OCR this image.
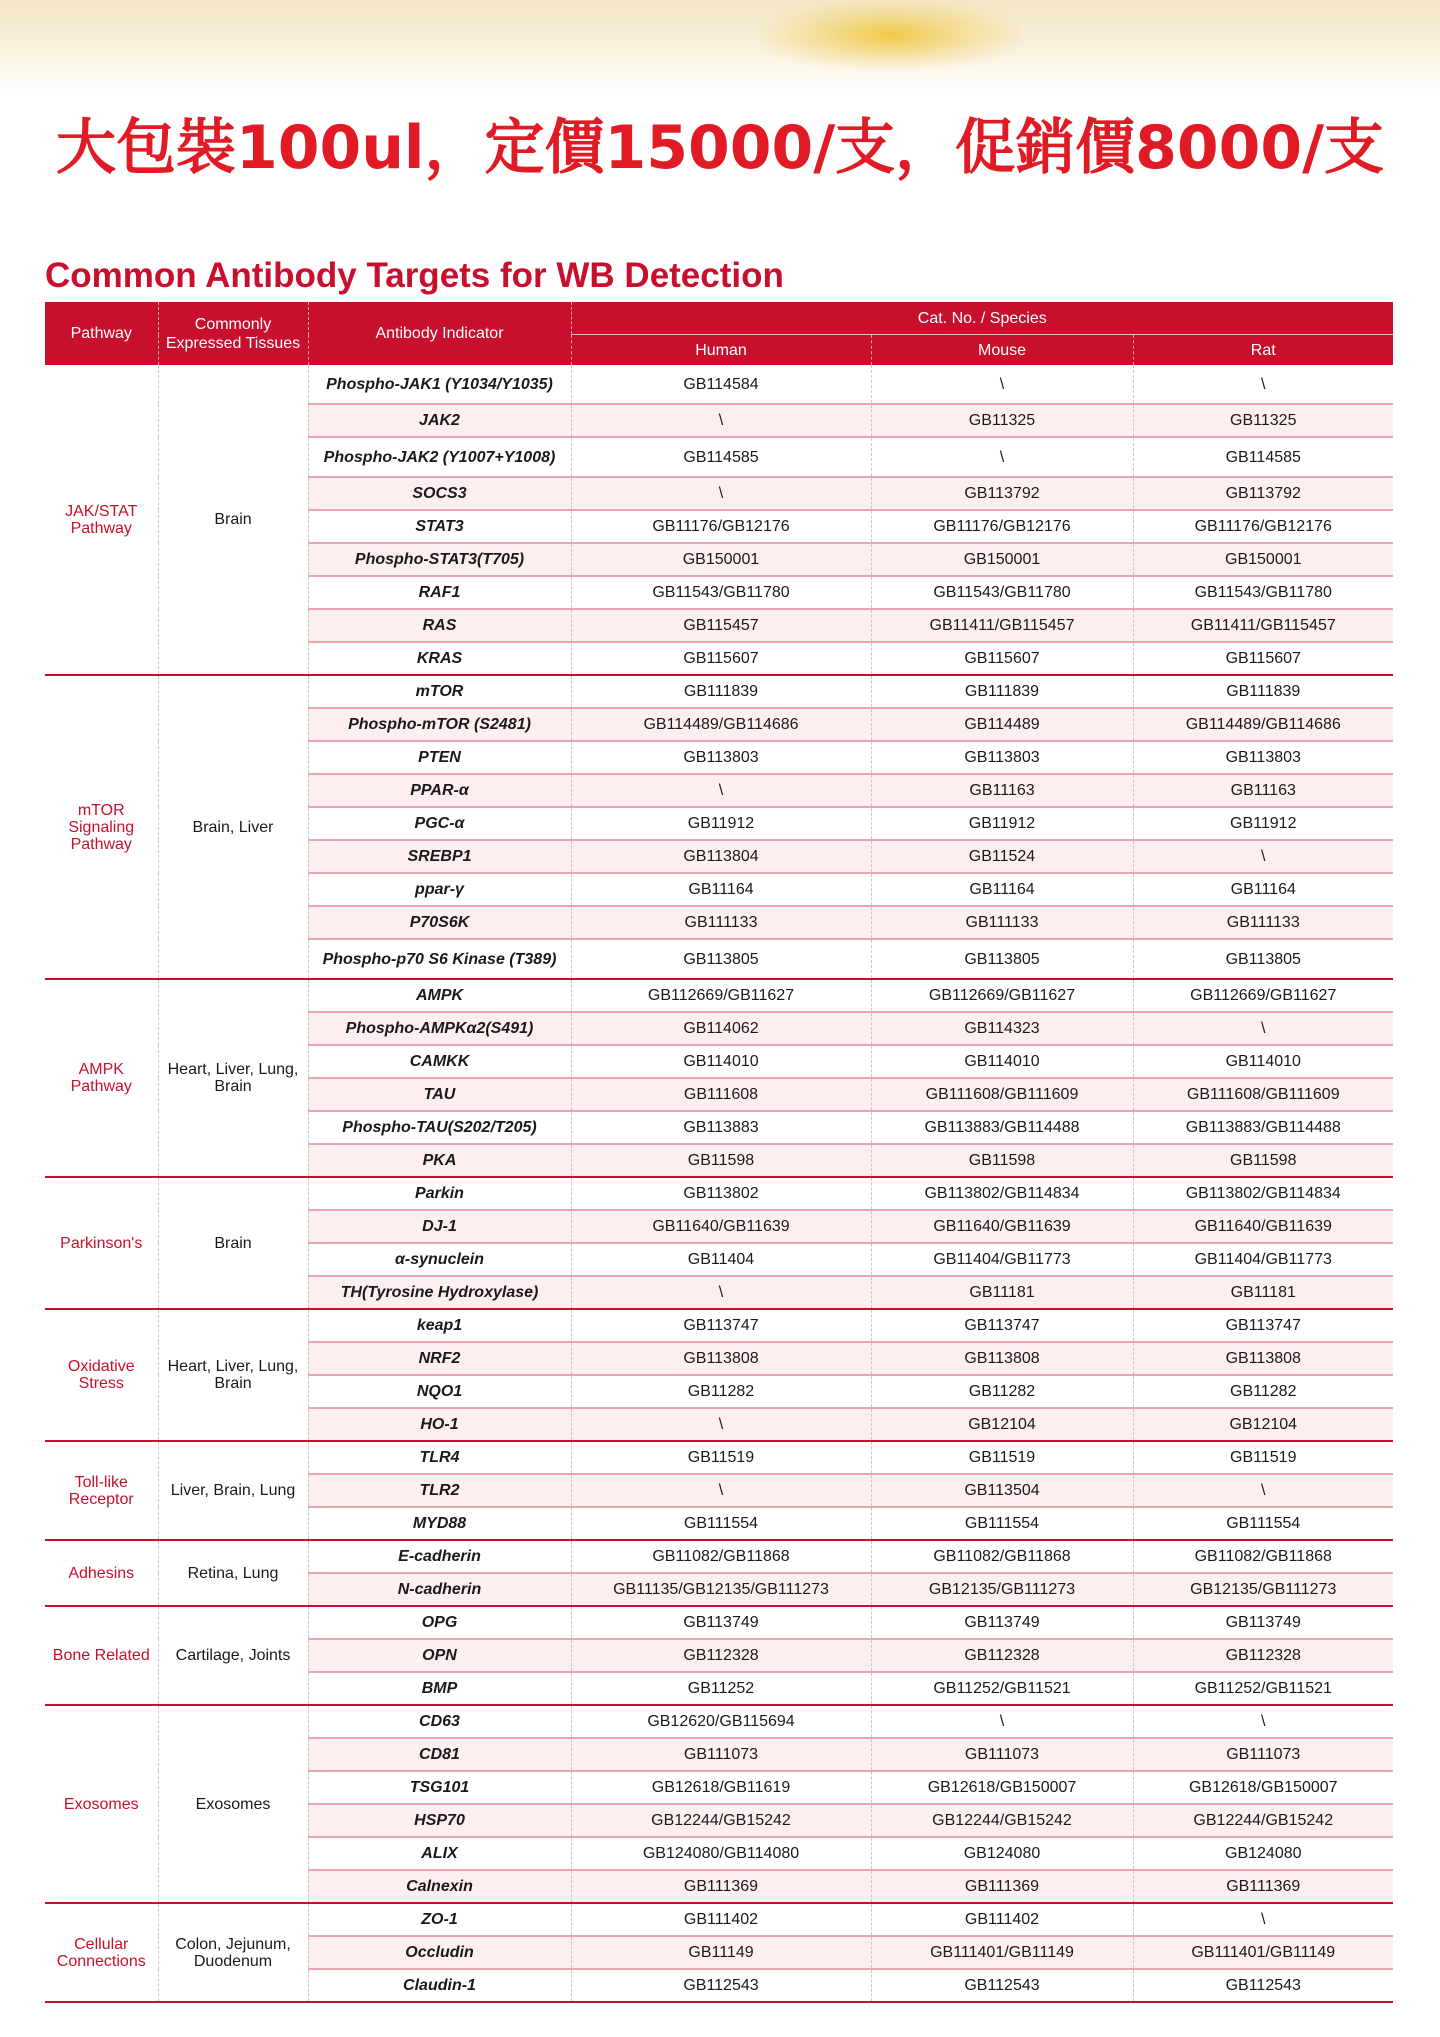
大包裝100ul，定價15000/支，促銷價8000/支
Common Antibody Targets for WB Detection
Pathway	Commonly Expressed Tissues	Antibody Indicator	Cat. No. / Species		
			Human	Mouse	Rat
JAK/STAT Pathway	Brain	Phospho-JAK1 (Y1034/Y1035)	GB114584	\	\
		JAK2	\	GB11325	GB11325
		Phospho-JAK2 (Y1007+Y1008)	GB114585	\	GB114585
		SOCS3	\	GB113792	GB113792
		STAT3	GB11176/GB12176	GB11176/GB12176	GB11176/GB12176
		Phospho-STAT3(T705)	GB150001	GB150001	GB150001
		RAF1	GB11543/GB11780	GB11543/GB11780	GB11543/GB11780
		RAS	GB115457	GB11411/GB115457	GB11411/GB115457
		KRAS	GB115607	GB115607	GB115607
mTOR Signaling Pathway	Brain, Liver	mTOR	GB111839	GB111839	GB111839
		Phospho-mTOR (S2481)	GB114489/GB114686	GB114489	GB114489/GB114686
		PTEN	GB113803	GB113803	GB113803
		PPAR-α	\	GB11163	GB11163
		PGC-α	GB11912	GB11912	GB11912
		SREBP1	GB113804	GB11524	\
		ppar-γ	GB11164	GB11164	GB11164
		P70S6K	GB111133	GB111133	GB111133
		Phospho-p70 S6 Kinase (T389)	GB113805	GB113805	GB113805
AMPK Pathway	Heart, Liver, Lung, Brain	AMPK	GB112669/GB11627	GB112669/GB11627	GB112669/GB11627
		Phospho-AMPKα2(S491)	GB114062	GB114323	\
		CAMKK	GB114010	GB114010	GB114010
		TAU	GB111608	GB111608/GB111609	GB111608/GB111609
		Phospho-TAU(S202/T205)	GB113883	GB113883/GB114488	GB113883/GB114488
		PKA	GB11598	GB11598	GB11598
Parkinson's	Brain	Parkin	GB113802	GB113802/GB114834	GB113802/GB114834
		DJ-1	GB11640/GB11639	GB11640/GB11639	GB11640/GB11639
		α-synuclein	GB11404	GB11404/GB11773	GB11404/GB11773
		TH(Tyrosine Hydroxylase)	\	GB11181	GB11181
Oxidative Stress	Heart, Liver, Lung, Brain	keap1	GB113747	GB113747	GB113747
		NRF2	GB113808	GB113808	GB113808
		NQO1	GB11282	GB11282	GB11282
		HO-1	\	GB12104	GB12104
Toll-like Receptor	Liver, Brain, Lung	TLR4	GB11519	GB11519	GB11519
		TLR2	\	GB113504	\
		MYD88	GB111554	GB111554	GB111554
Adhesins	Retina, Lung	E-cadherin	GB11082/GB11868	GB11082/GB11868	GB11082/GB11868
		N-cadherin	GB11135/GB12135/GB111273	GB12135/GB111273	GB12135/GB111273
Bone Related	Cartilage, Joints	OPG	GB113749	GB113749	GB113749
		OPN	GB112328	GB112328	GB112328
		BMP	GB11252	GB11252/GB11521	GB11252/GB11521
Exosomes	Exosomes	CD63	GB12620/GB115694	\	\
		CD81	GB111073	GB111073	GB111073
		TSG101	GB12618/GB11619	GB12618/GB150007	GB12618/GB150007
		HSP70	GB12244/GB15242	GB12244/GB15242	GB12244/GB15242
		ALIX	GB124080/GB114080	GB124080	GB124080
		Calnexin	GB111369	GB111369	GB111369
Cellular Connections	Colon, Jejunum, Duodenum	ZO-1	GB111402	GB111402	\
		Occludin	GB11149	GB111401/GB11149	GB111401/GB11149
		Claudin-1	GB112543	GB112543	GB112543
